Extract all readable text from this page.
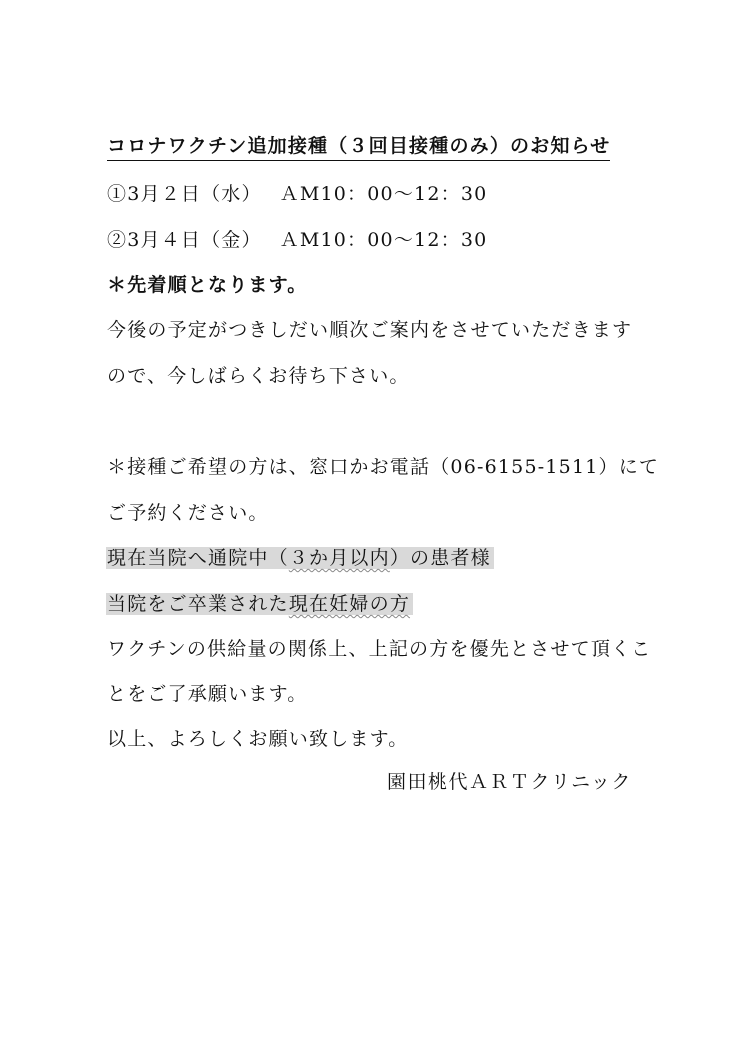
コロナワクチン追加接種（３回目接種のみ）のお知らせ
①3月２日（水）　 ＡM10：00～12：30
②3月４日（金）　 ＡM10：00～12：30
＊先着順となります。
今後の予定がつきしだい順次ご案内をさせていただきます
ので、今しばらくお待ち下さい。
＊接種ご希望の方は、窓口かお電話（06-6155-1511）にて
ご予約ください。
現在当院へ通院中（３か月以内）の患者様
当院をご卒業された現在妊婦の方
ワクチンの供給量の関係上、上記の方を優先とさせて頂くこ
とをご了承願います。
以上、よろしくお願い致します。
園田桃代ＡＲＴクリニック
